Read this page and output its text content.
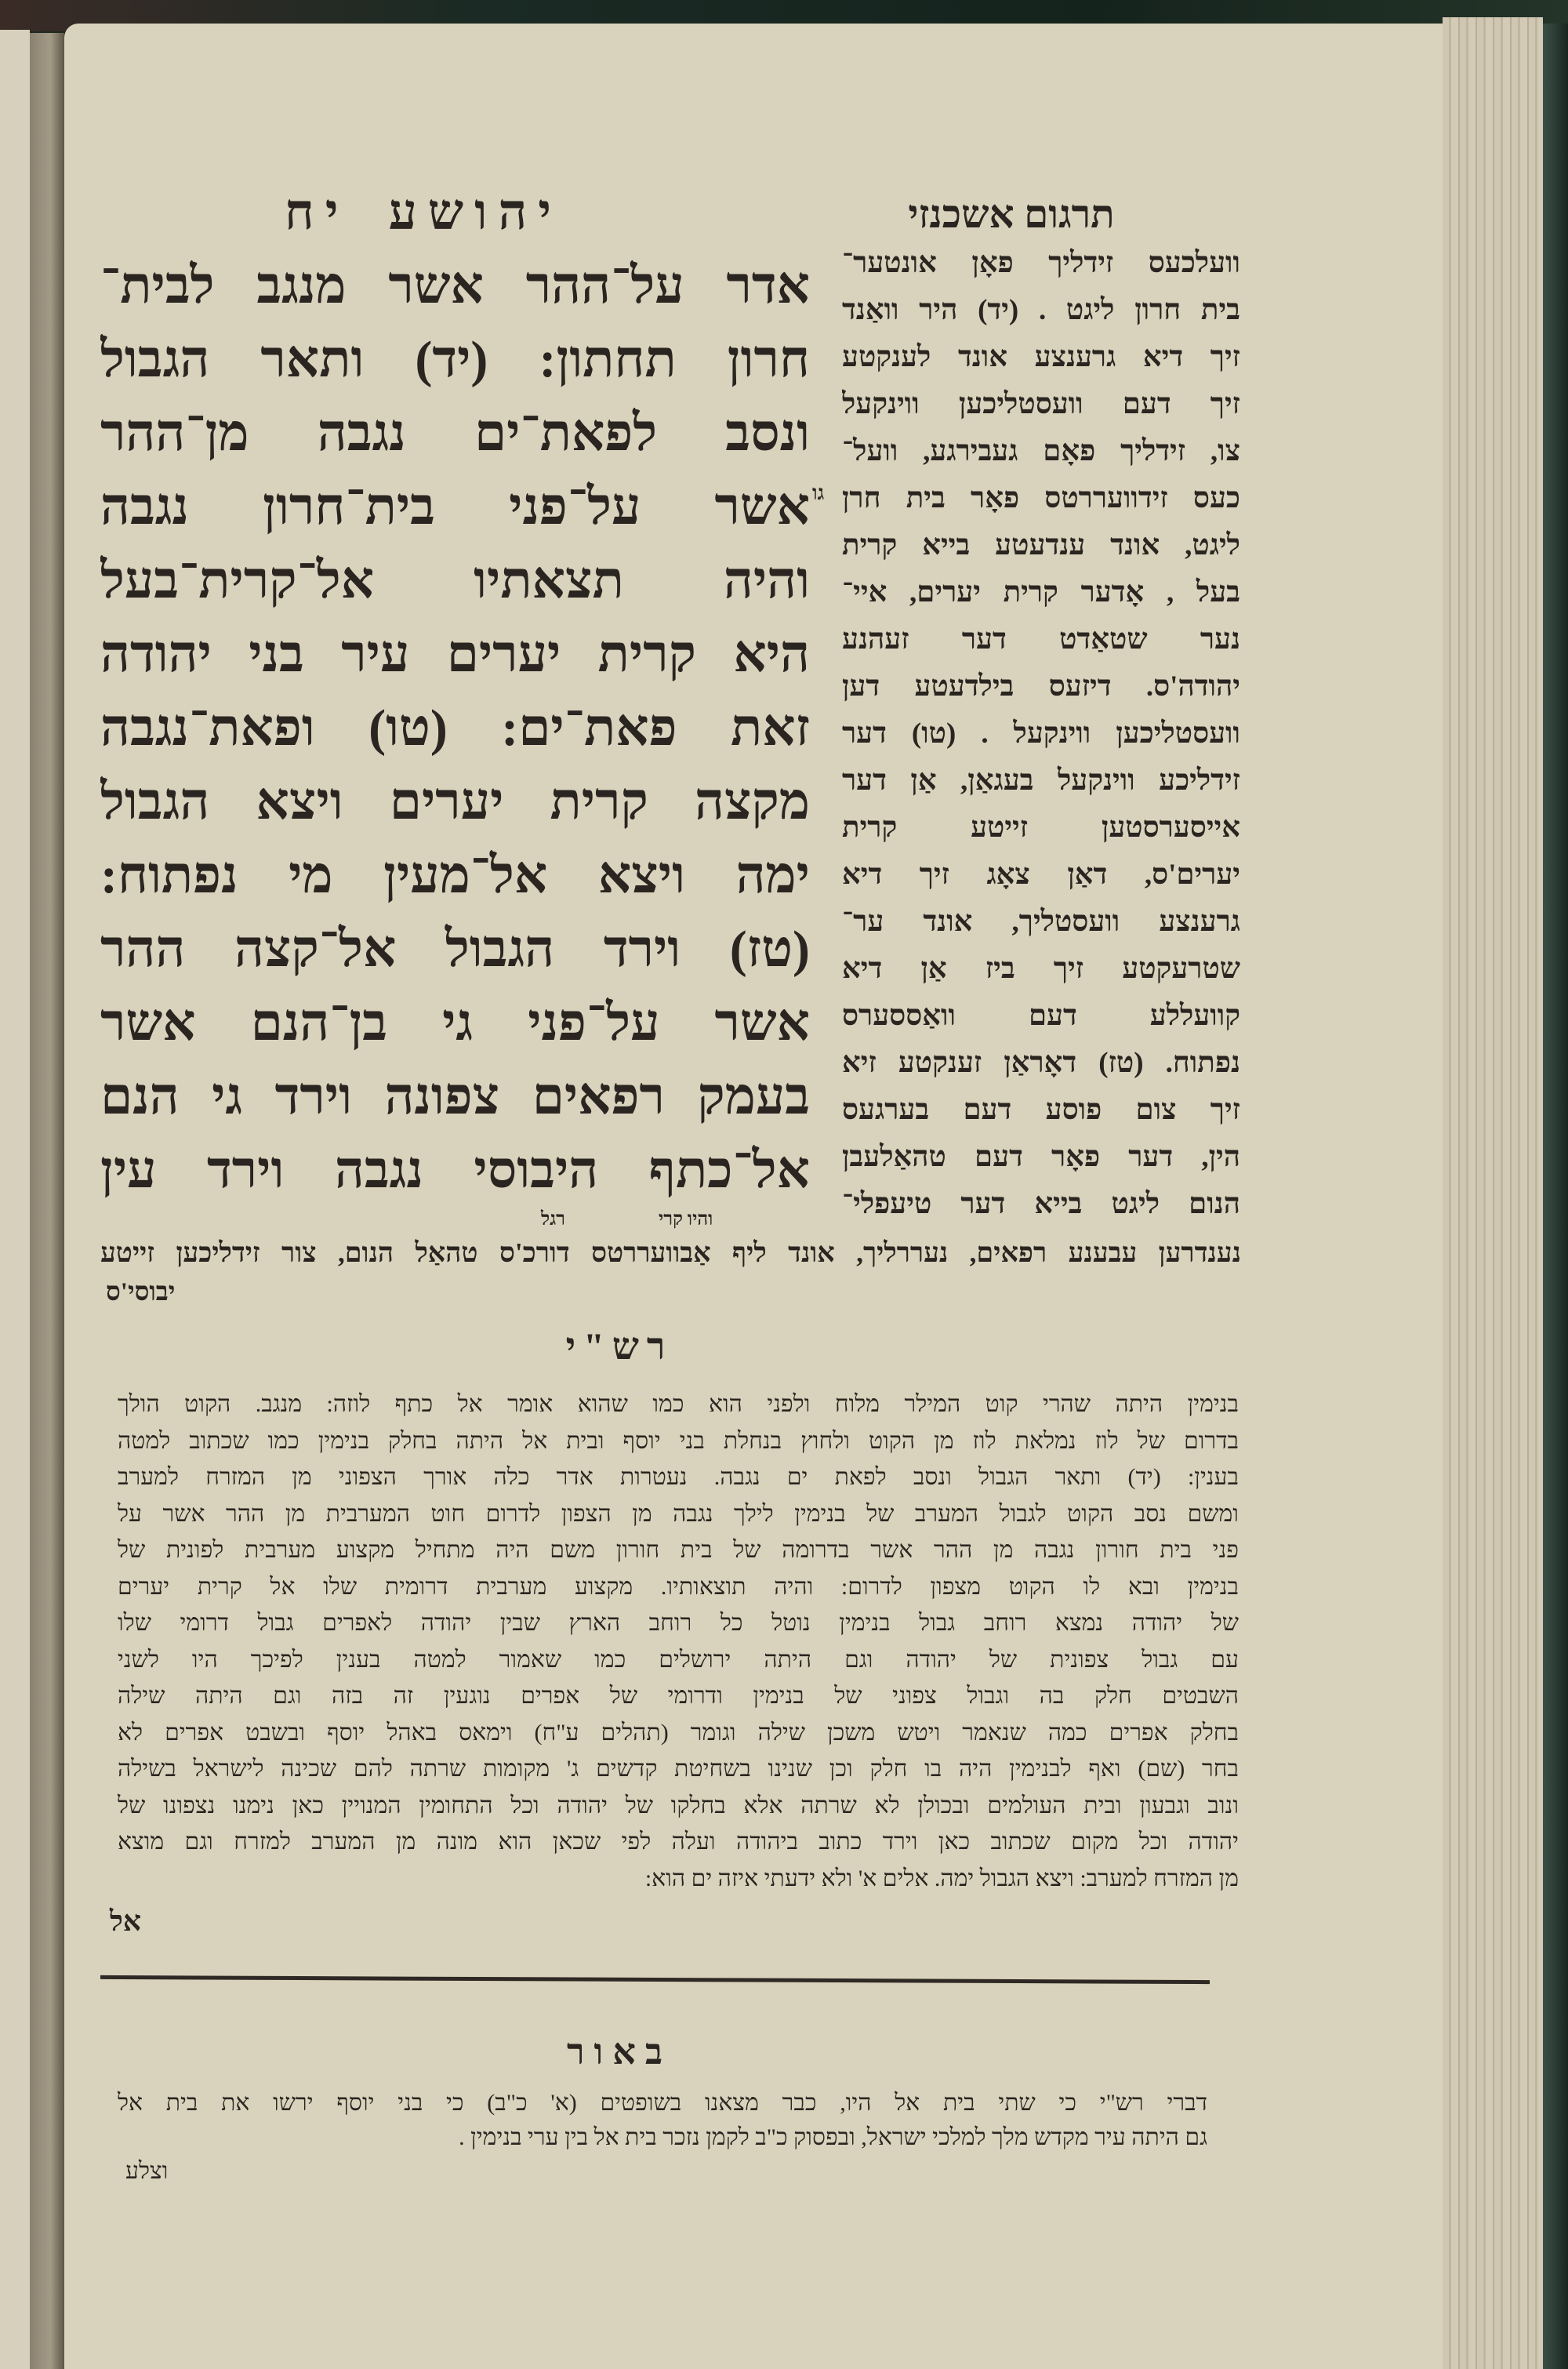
יהושע יח	תרגום אשכנזי
אדר על־ההר אשר מנגב לבית־
חרון תחתון: (יד) ותאר הגבול
ונסב לפאת־ים נגבה מן־ההר
אשר על־פני בית־חרון נגבה
והיה תצאתיו אל־קרית־בעל
היא קרית יערים עיר בני יהודה
זאת פאת־ים: (טו) ופאת־נגבה
מקצה קרית יערים ויצא הגבול
ימה ויצא אל־מעין מי נפתוח:
(טז) וירד הגבול אל־קצה ההר
אשר על־פני גי בן־הנם אשר
בעמק רפאים צפונה וירד גי הנם
אל־כתף היבוסי נגבה וירד עין
גו
והיו קרי
רגל
וועלכעס זידליך פאָן אונטער־
בית חרון ליגט . (יד) היר וואַנד
זיך דיא גרענצע אונד לענקטע
זיך דעם וועסטליכען ווינקעל
צו, זידליך פאָם געבירגע, וועל־
כעס זידוועררטס פאָר בית חרן
ליגט, אונד ענדעטע בייא קרית
בעל , אָדער קרית יערים, איי־
נער שטאַדט דער זעהנע
יהודה'ס. דיזעס בילדעטע דען
וועסטליכען ווינקעל . (טו) דער
זידליכע ווינקעל בעגאַן, אַן דער
אייסערסטען זייטע קרית
יערים'ס, דאַן צאָג זיך דיא
גרענצע וועסטליך, אונד ער־
שטרעקטע זיך ביז אַן דיא
קוועללע דעם וואַססערס
נפתוח. (טז) דאָראַן זענקטע זיא
זיך צום פוסע דעם בערגעס
הין, דער פאָר דעם טהאַלעבן
הנום ליגט בייא דער טיעפלי־
נענדרען עבענע רפאים, נעררליך, אונד ליף אַבוועררטס דורכ'ס טהאַל הנום, צור זידליכען זייטע
יבוסי'ס
רש"י
בנימין היתה שהרי קוט המילר מלוח ולפני הוא כמו שהוא אומר אל כתף לוזה: מנגב. הקוט הולך
בדרום של לוז נמלאת לוז מן הקוט ולחוץ בנחלת בני יוסף ובית אל היתה בחלק בנימין כמו שכתוב למטה
בענין: (יד) ותאר הגבול ונסב לפאת ים נגבה. נעטרות אדר כלה אורך הצפוני מן המזרח למערב
ומשם נסב הקוט לגבול המערב של בנימין לילך נגבה מן הצפון לדרום חוט המערבית מן ההר אשר על
פני בית חורון נגבה מן ההר אשר בדרומה של בית חורון משם היה מתחיל מקצוע מערבית לפונית של
בנימין ובא לו הקוט מצפון לדרום: והיה תוצאותיו. מקצוע מערבית דרומית שלו אל קרית יערים
של יהודה נמצא רוחב גבול בנימין נוטל כל רוחב הארץ שבין יהודה לאפרים גבול דרומי שלו
עם גבול צפונית של יהודה וגם היתה ירושלים כמו שאמור למטה בענין לפיכך היו לשני
השבטים חלק בה וגבול צפוני של בנימין ודרומי של אפרים נוגעין זה בזה וגם היתה שילה
בחלק אפרים כמה שנאמר ויטש משכן שילה וגומר (תהלים ע"ח) וימאס באהל יוסף ובשבט אפרים לא
בחר (שם) ואף לבנימין היה בו חלק וכן שנינו בשחיטת קדשים ג' מקומות שרתה להם שכינה לישראל בשילה
ונוב וגבעון ובית העולמים ובכולן לא שרתה אלא בחלקו של יהודה וכל התחומין המנויין כאן נימנו נצפונו של
יהודה וכל מקום שכתוב כאן וירד כתוב ביהודה ועלה לפי שכאן הוא מונה מן המערב למזרח וגם מוצא
מן המזרח למערב: ויצא הגבול ימה. אלים א' ולא ידעתי איזה ים הוא:
אל
באור
דברי רש"י כי שתי בית אל היו, כבר מצאנו בשופטים (א' כ"ב) כי בני יוסף ירשו את בית אל
גם היתה עיר מקדש מלך למלכי ישראל, ובפסוק כ"ב לקמן נזכר בית אל בין ערי בנימין .
וצלע
